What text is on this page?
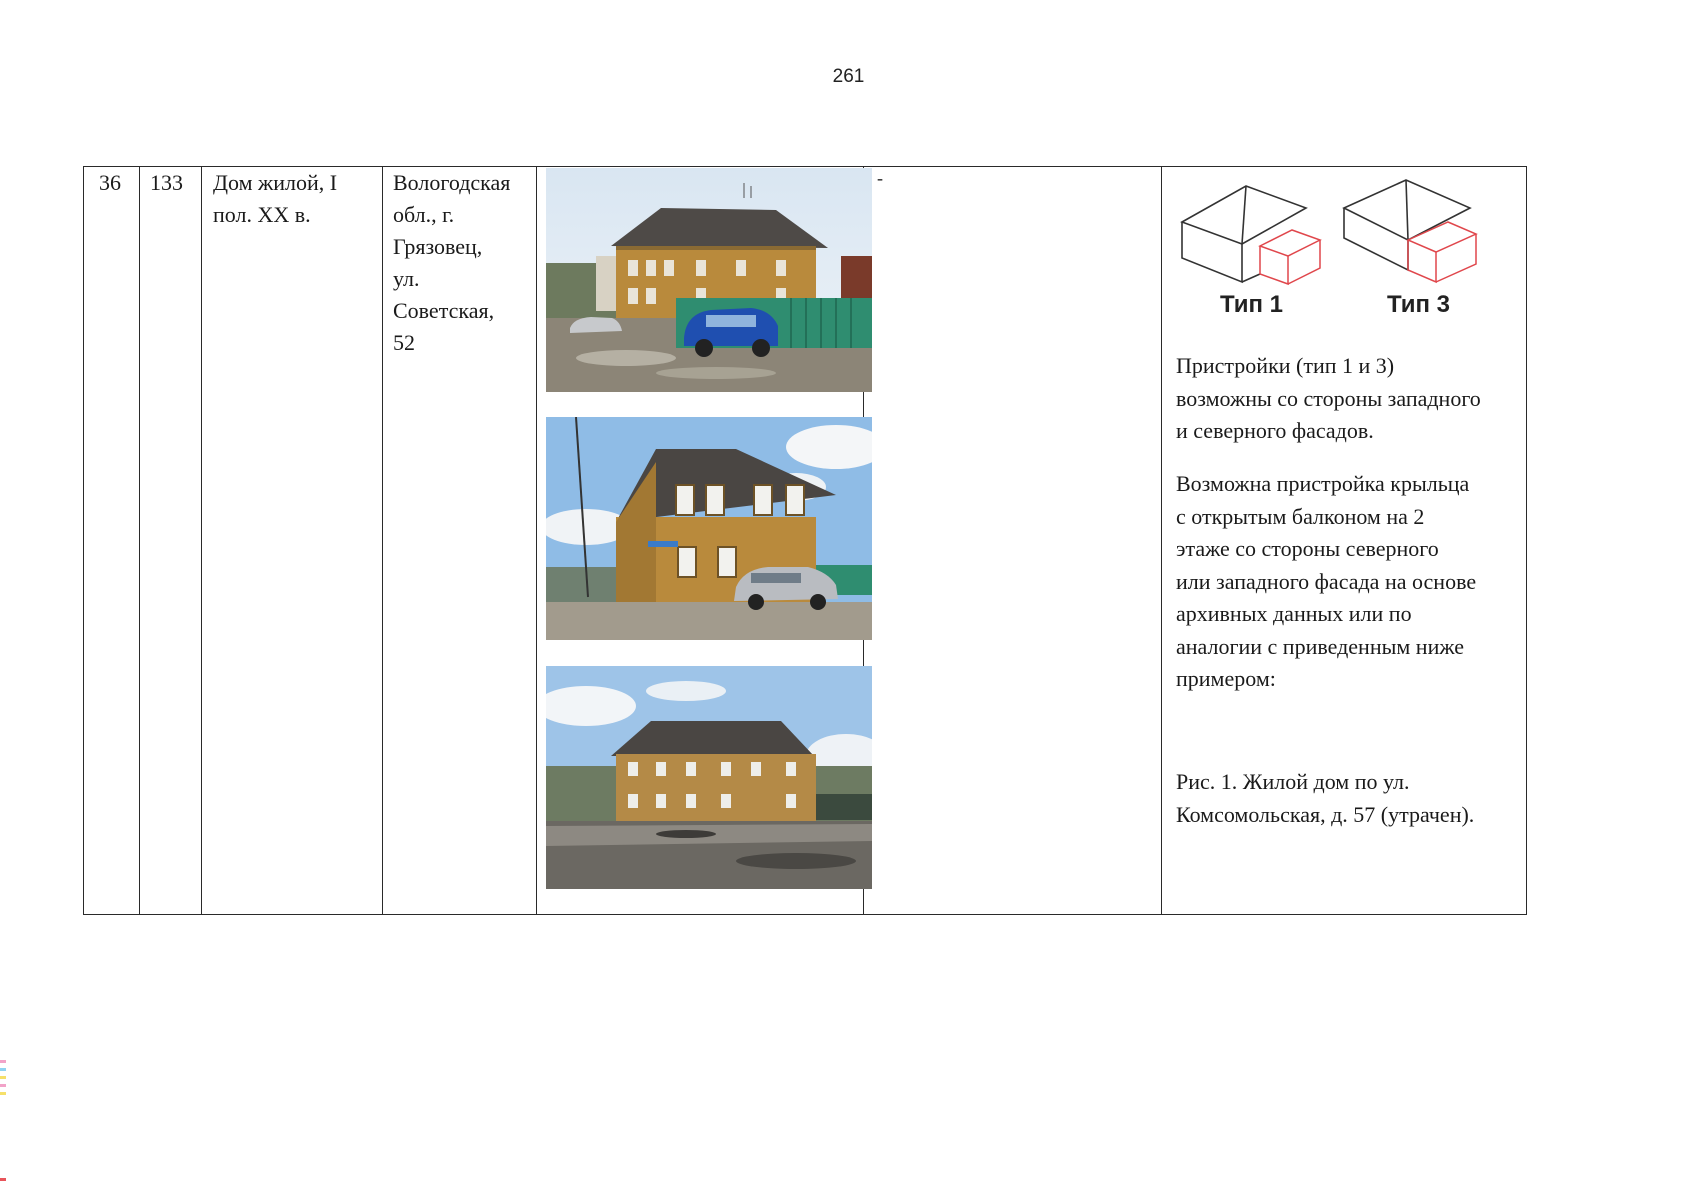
261
36 133 Дом жилой, I
пол. XX в.
Вологодская
обл., г.
Грязовец,
ул.
Советская,
52
-
Тип 1	Тип 3
Пристройки (тип 1 и 3)
возможны со стороны западного
и северного фасадов.
Возможна пристройка крыльца
с открытым балконом на 2
этаже со стороны северного
или западного фасада на основе
архивных данных или по
аналогии с приведенным ниже
примером:
Рис. 1. Жилой дом по ул.
Комсомольская, д. 57 (утрачен).
